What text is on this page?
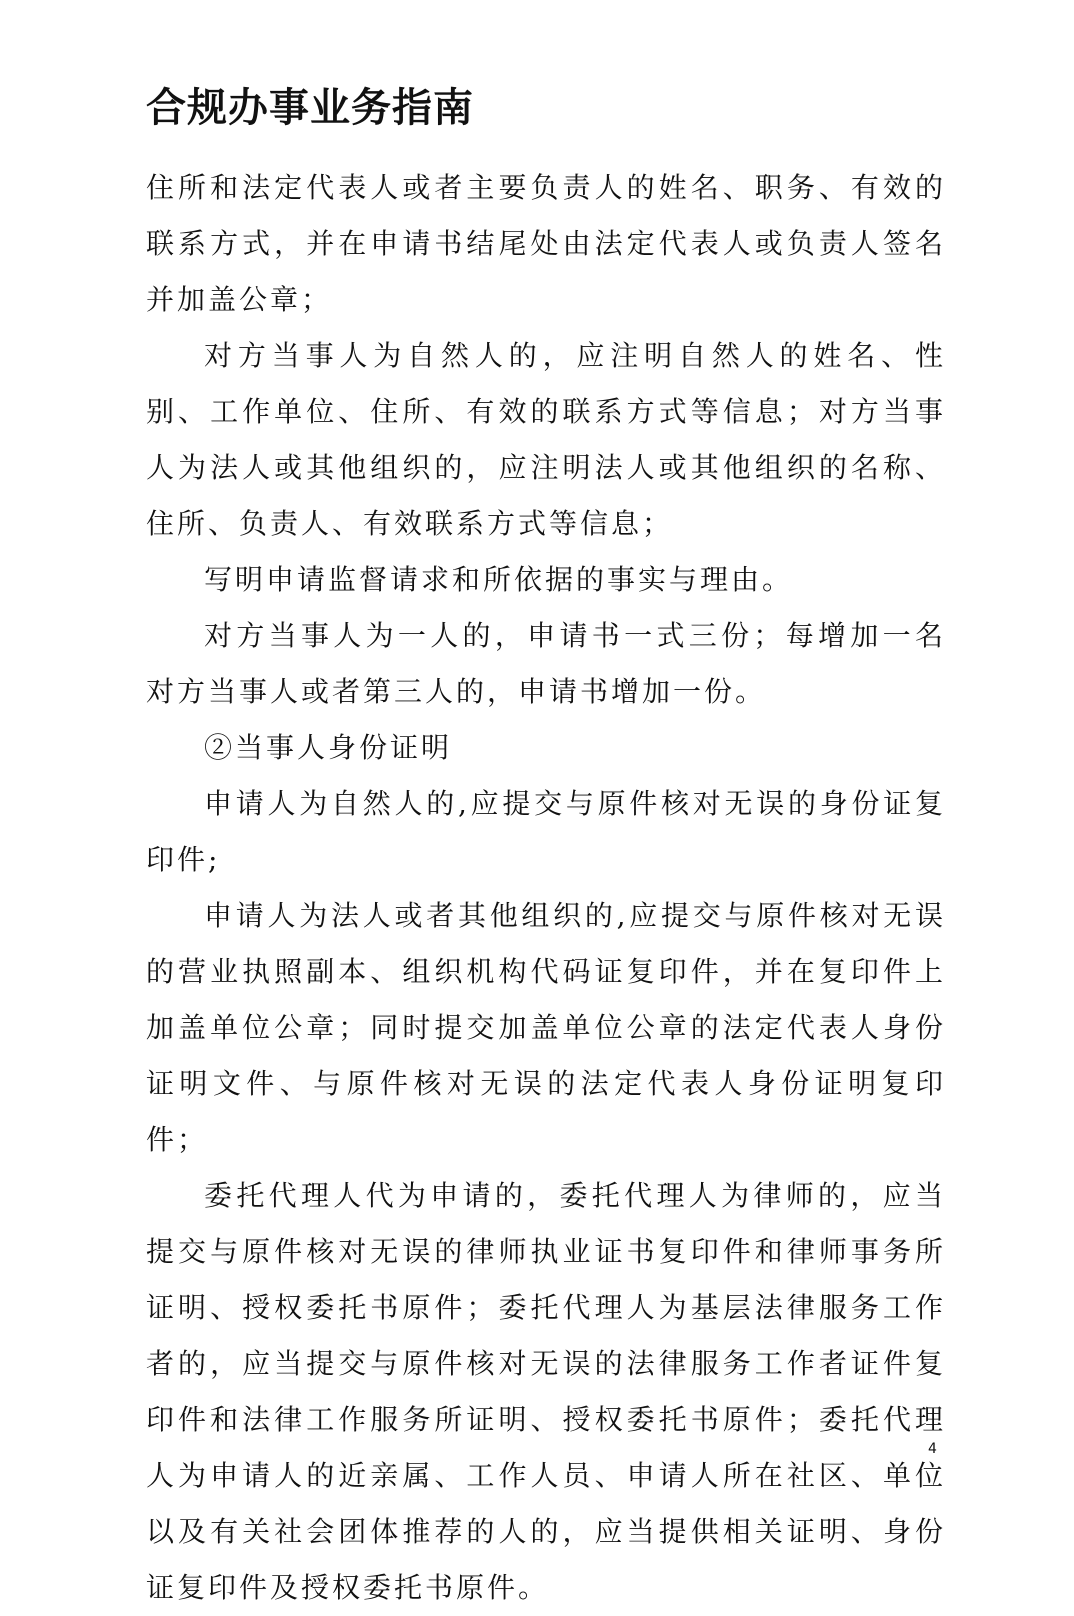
合规办事业务指南

住所和法定代表人或者主要负责人的姓名、职务、有效的联系方式，并在申请书结尾处由法定代表人或负责人签名并加盖公章；

对方当事人为自然人的，应注明自然人的姓名、性别、工作单位、住所、有效的联系方式等信息；对方当事人为法人或其他组织的，应注明法人或其他组织的名称、住所、负责人、有效联系方式等信息；

写明申请监督请求和所依据的事实与理由。

对方当事人为一人的，申请书一式三份；每增加一名对方当事人或者第三人的，申请书增加一份。

②当事人身份证明

申请人为自然人的,应提交与原件核对无误的身份证复印件;

申请人为法人或者其他组织的,应提交与原件核对无误的营业执照副本、组织机构代码证复印件，并在复印件上加盖单位公章；同时提交加盖单位公章的法定代表人身份证明文件、与原件核对无误的法定代表人身份证明复印件；

委托代理人代为申请的，委托代理人为律师的，应当提交与原件核对无误的律师执业证书复印件和律师事务所证明、授权委托书原件；委托代理人为基层法律服务工作者的，应当提交与原件核对无误的法律服务工作者证件复印件和法律工作服务所证明、授权委托书原件；委托代理人为申请人的近亲属、工作人员、申请人所在社区、单位以及有关社会团体推荐的人的，应当提供相关证明、身份证复印件及授权委托书原件。

4
